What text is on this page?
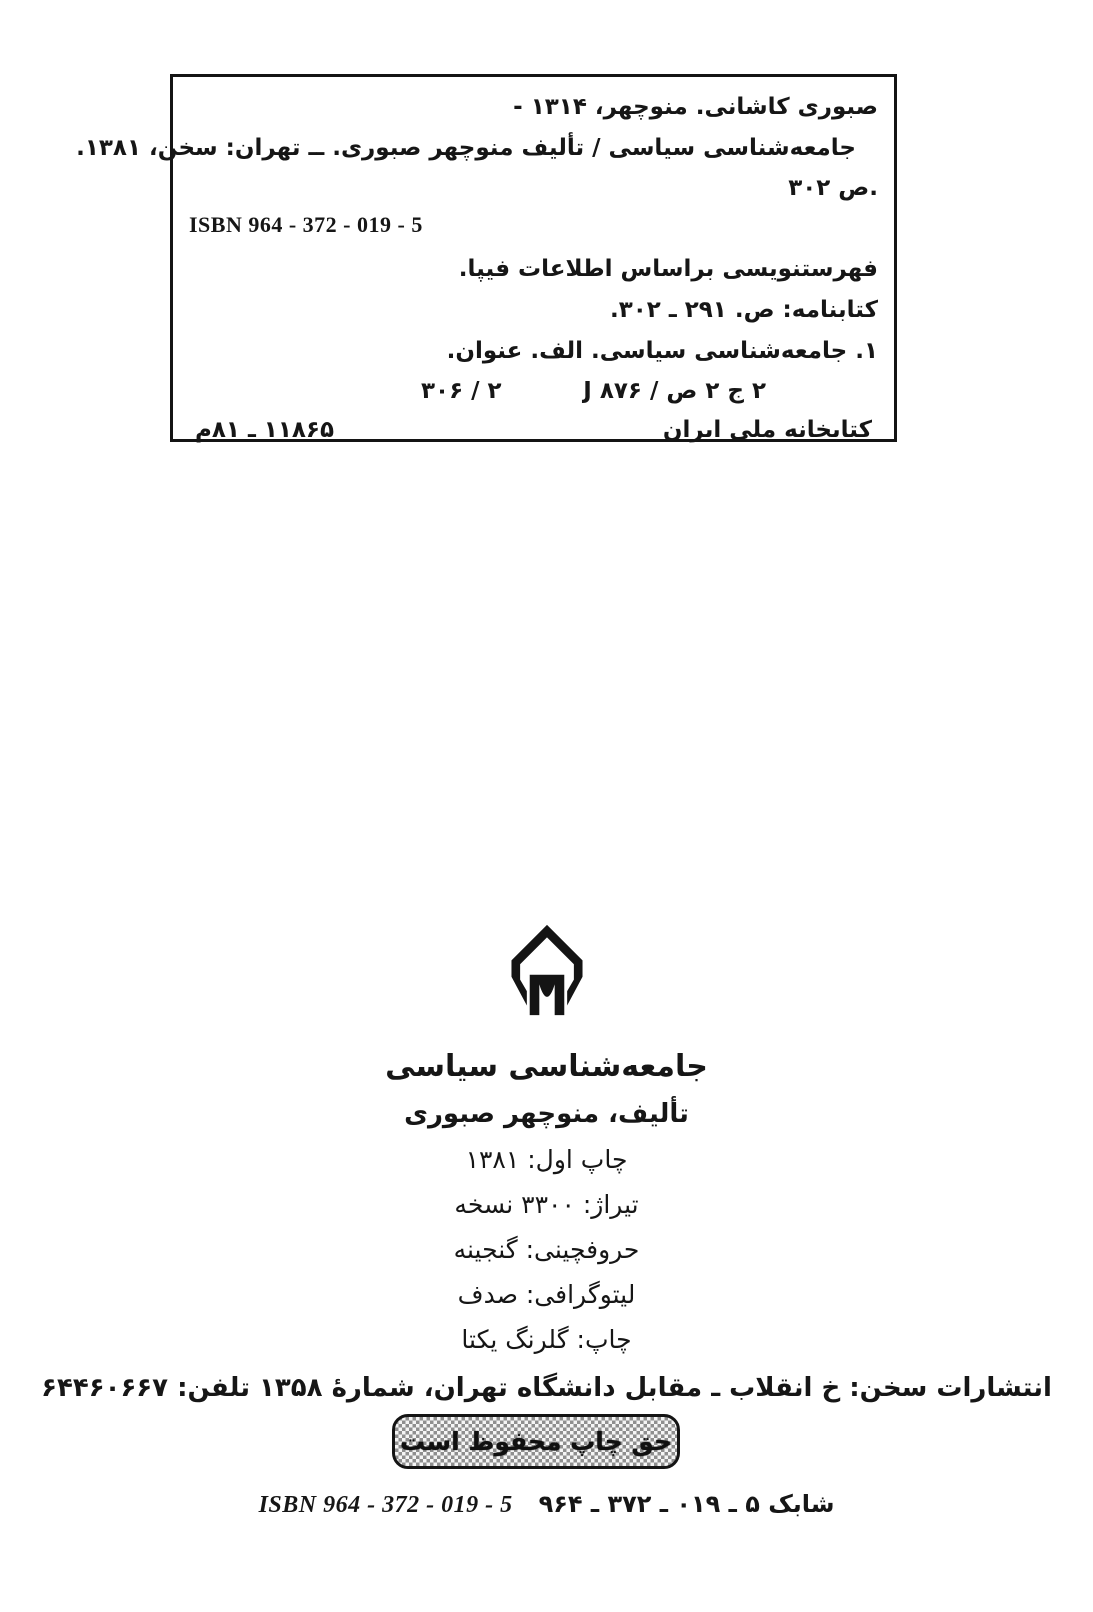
صبوری کاشانی. منوچهر، ۱۳۱۴ -
جامعه‌شناسی سیاسی / تألیف منوچهر صبوری. ــ تهران: سخن، ۱۳۸۱.
۳۰۲ ص.
ISBN 964 - 372 - 019 - 5
فهرستنویسی براساس اطلاعات فیپا.
کتابنامه: ص. ۲۹۱ ـ ۳۰۲.
۱. جامعه‌شناسی سیاسی. الف. عنوان.
۳۰۶ / ۲	J ۸۷۶ / ص ۲ ج ۲
م۸۱ ـ ۱۱۸۶۵	کتابخانه ملی ایران
جامعه‌شناسی سیاسی
تألیف، منوچهر صبوری
چاپ اول: ۱۳۸۱
تیراژ: ۳۳۰۰ نسخه
حروفچینی: گنجینه
لیتوگرافی: صدف
چاپ: گلرنگ یکتا
انتشارات سخن: خ انقلاب ـ مقابل دانشگاه تهران، شمارهٔ ۱۳۵۸ تلفن: ۶۴۴۶۰۶۶۷
حق چاپ محفوظ است
ISBN 964 - 372 - 019 - 5 شابک ۵ ـ ۰۱۹ ـ ۳۷۲ ـ ۹۶۴
